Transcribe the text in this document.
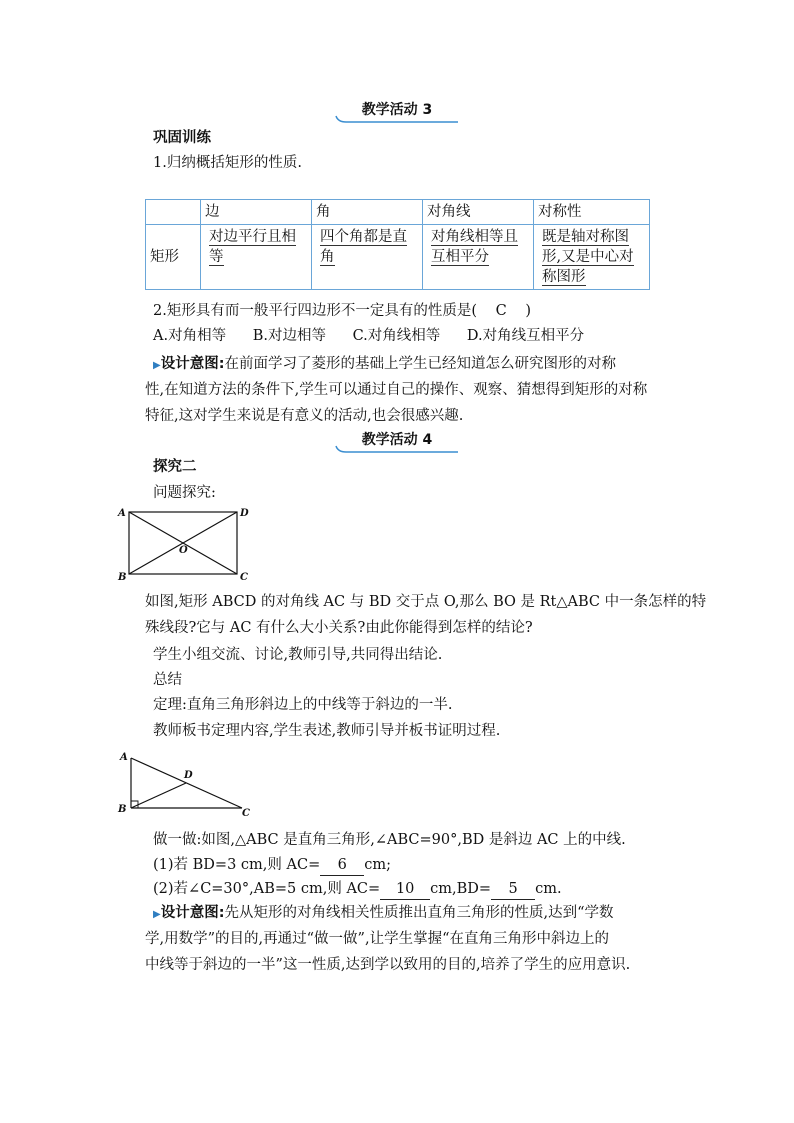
教学活动 3
巩固训练
1.归纳概括矩形的性质.
	边	角	对角线	对称性
矩形	对边平行且相等	四个角都是直角	对角线相等且互相平分	既是轴对称图形,又是中心对称图形
2.矩形具有而一般平行四边形不一定具有的性质是( C )
A.对角相等 B.对边相等 C.对角线相等 D.对角线互相平分
▶设计意图:在前面学习了菱形的基础上学生已经知道怎么研究图形的对称
性,在知道方法的条件下,学生可以通过自己的操作、观察、猜想得到矩形的对称
特征,这对学生来说是有意义的活动,也会很感兴趣.
教学活动 4
探究二
问题探究:
A	D
O
B	C
如图,矩形 ABCD 的对角线 AC 与 BD 交于点 O,那么 BO 是 Rt△ABC 中一条怎样的特
殊线段?它与 AC 有什么大小关系?由此你能得到怎样的结论?
学生小组交流、讨论,教师引导,共同得出结论.
总结
定理:直角三角形斜边上的中线等于斜边的一半.
教师板书定理内容,学生表述,教师引导并板书证明过程.
A
D
B	C
做一做:如图,△ABC 是直角三角形,∠ABC=90°,BD 是斜边 AC 上的中线.
(1)若 BD=3 cm,则 AC= 6 cm;
(2)若∠C=30°,AB=5 cm,则 AC= 10 cm,BD= 5 cm.
▶设计意图:先从矩形的对角线相关性质推出直角三角形的性质,达到“学数
学,用数学”的目的,再通过“做一做”,让学生掌握“在直角三角形中斜边上的
中线等于斜边的一半”这一性质,达到学以致用的目的,培养了学生的应用意识.
